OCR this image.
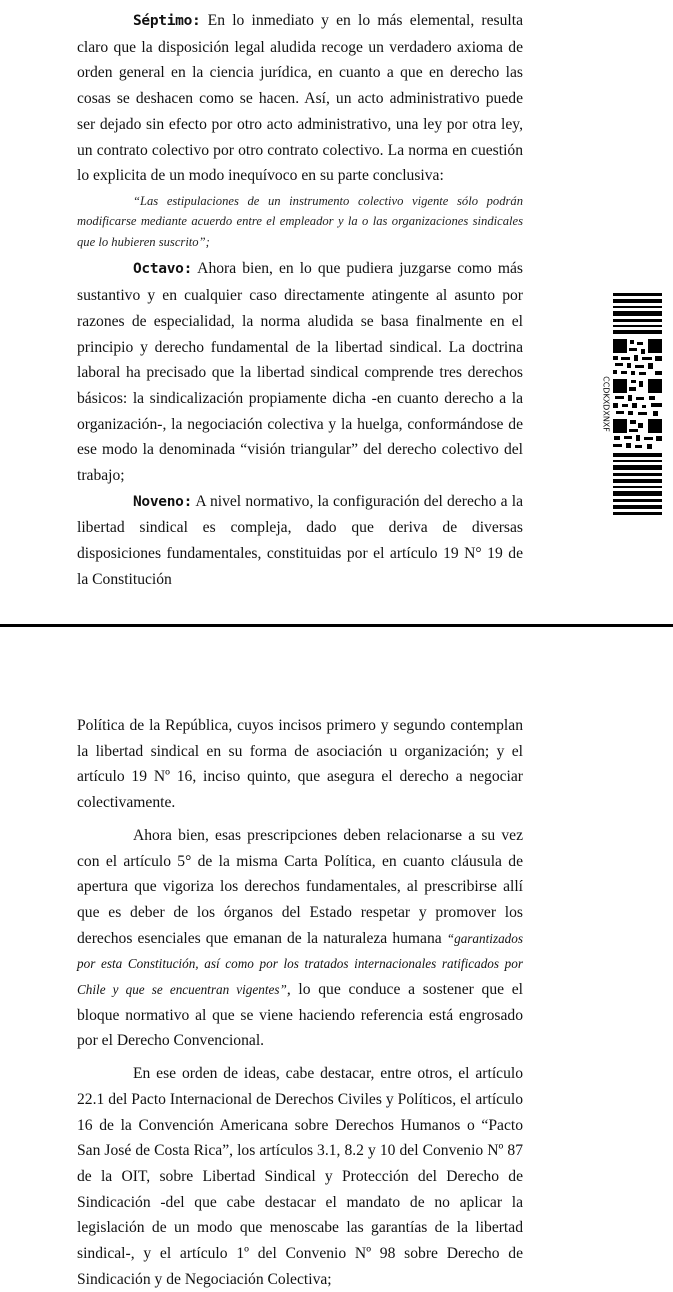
Séptimo: En lo inmediato y en lo más elemental, resulta claro que la disposición legal aludida recoge un verdadero axioma de orden general en la ciencia jurídica, en cuanto a que en derecho las cosas se deshacen como se hacen. Así, un acto administrativo puede ser dejado sin efecto por otro acto administrativo, una ley por otra ley, un contrato colectivo por otro contrato colectivo. La norma en cuestión lo explicita de un modo inequívoco en su parte conclusiva:

“Las estipulaciones de un instrumento colectivo vigente sólo podrán modificarse mediante acuerdo entre el empleador y la o las organizaciones sindicales que lo hubieren suscrito”;

Octavo: Ahora bien, en lo que pudiera juzgarse como más sustantivo y en cualquier caso directamente atingente al asunto por razones de especialidad, la norma aludida se basa finalmente en el principio y derecho fundamental de la libertad sindical. La doctrina laboral ha precisado que la libertad sindical comprende tres derechos básicos: la sindicalización propiamente dicha -en cuanto derecho a la organización-, la negociación colectiva y la huelga, conformándose de ese modo la denominada “visión triangular” del derecho colectivo del trabajo;

Noveno: A nivel normativo, la configuración del derecho a la libertad sindical es compleja, dado que deriva de diversas disposiciones fundamentales, constituidas por el artículo 19 N° 19 de la Constitución

CCDKXDXNXF

Política de la República, cuyos incisos primero y segundo contemplan la libertad sindical en su forma de asociación u organización; y el artículo 19 Nº 16, inciso quinto, que asegura el derecho a negociar colectivamente.

Ahora bien, esas prescripciones deben relacionarse a su vez con el artículo 5° de la misma Carta Política, en cuanto cláusula de apertura que vigoriza los derechos fundamentales, al prescribirse allí que es deber de los órganos del Estado respetar y promover los derechos esenciales que emanan de la naturaleza humana “garantizados por esta Constitución, así como por los tratados internacionales ratificados por Chile y que se encuentran vigentes”, lo que conduce a sostener que el bloque normativo al que se viene haciendo referencia está engrosado por el Derecho Convencional.

En ese orden de ideas, cabe destacar, entre otros, el artículo 22.1 del Pacto Internacional de Derechos Civiles y Políticos, el artículo 16 de la Convención Americana sobre Derechos Humanos o “Pacto San José de Costa Rica”, los artículos 3.1, 8.2 y 10 del Convenio Nº 87 de la OIT, sobre Libertad Sindical y Protección del Derecho de Sindicación -del que cabe destacar el mandato de no aplicar la legislación de un modo que menoscabe las garantías de la libertad sindical-, y el artículo 1º del Convenio Nº 98 sobre Derecho de Sindicación y de Negociación Colectiva;
